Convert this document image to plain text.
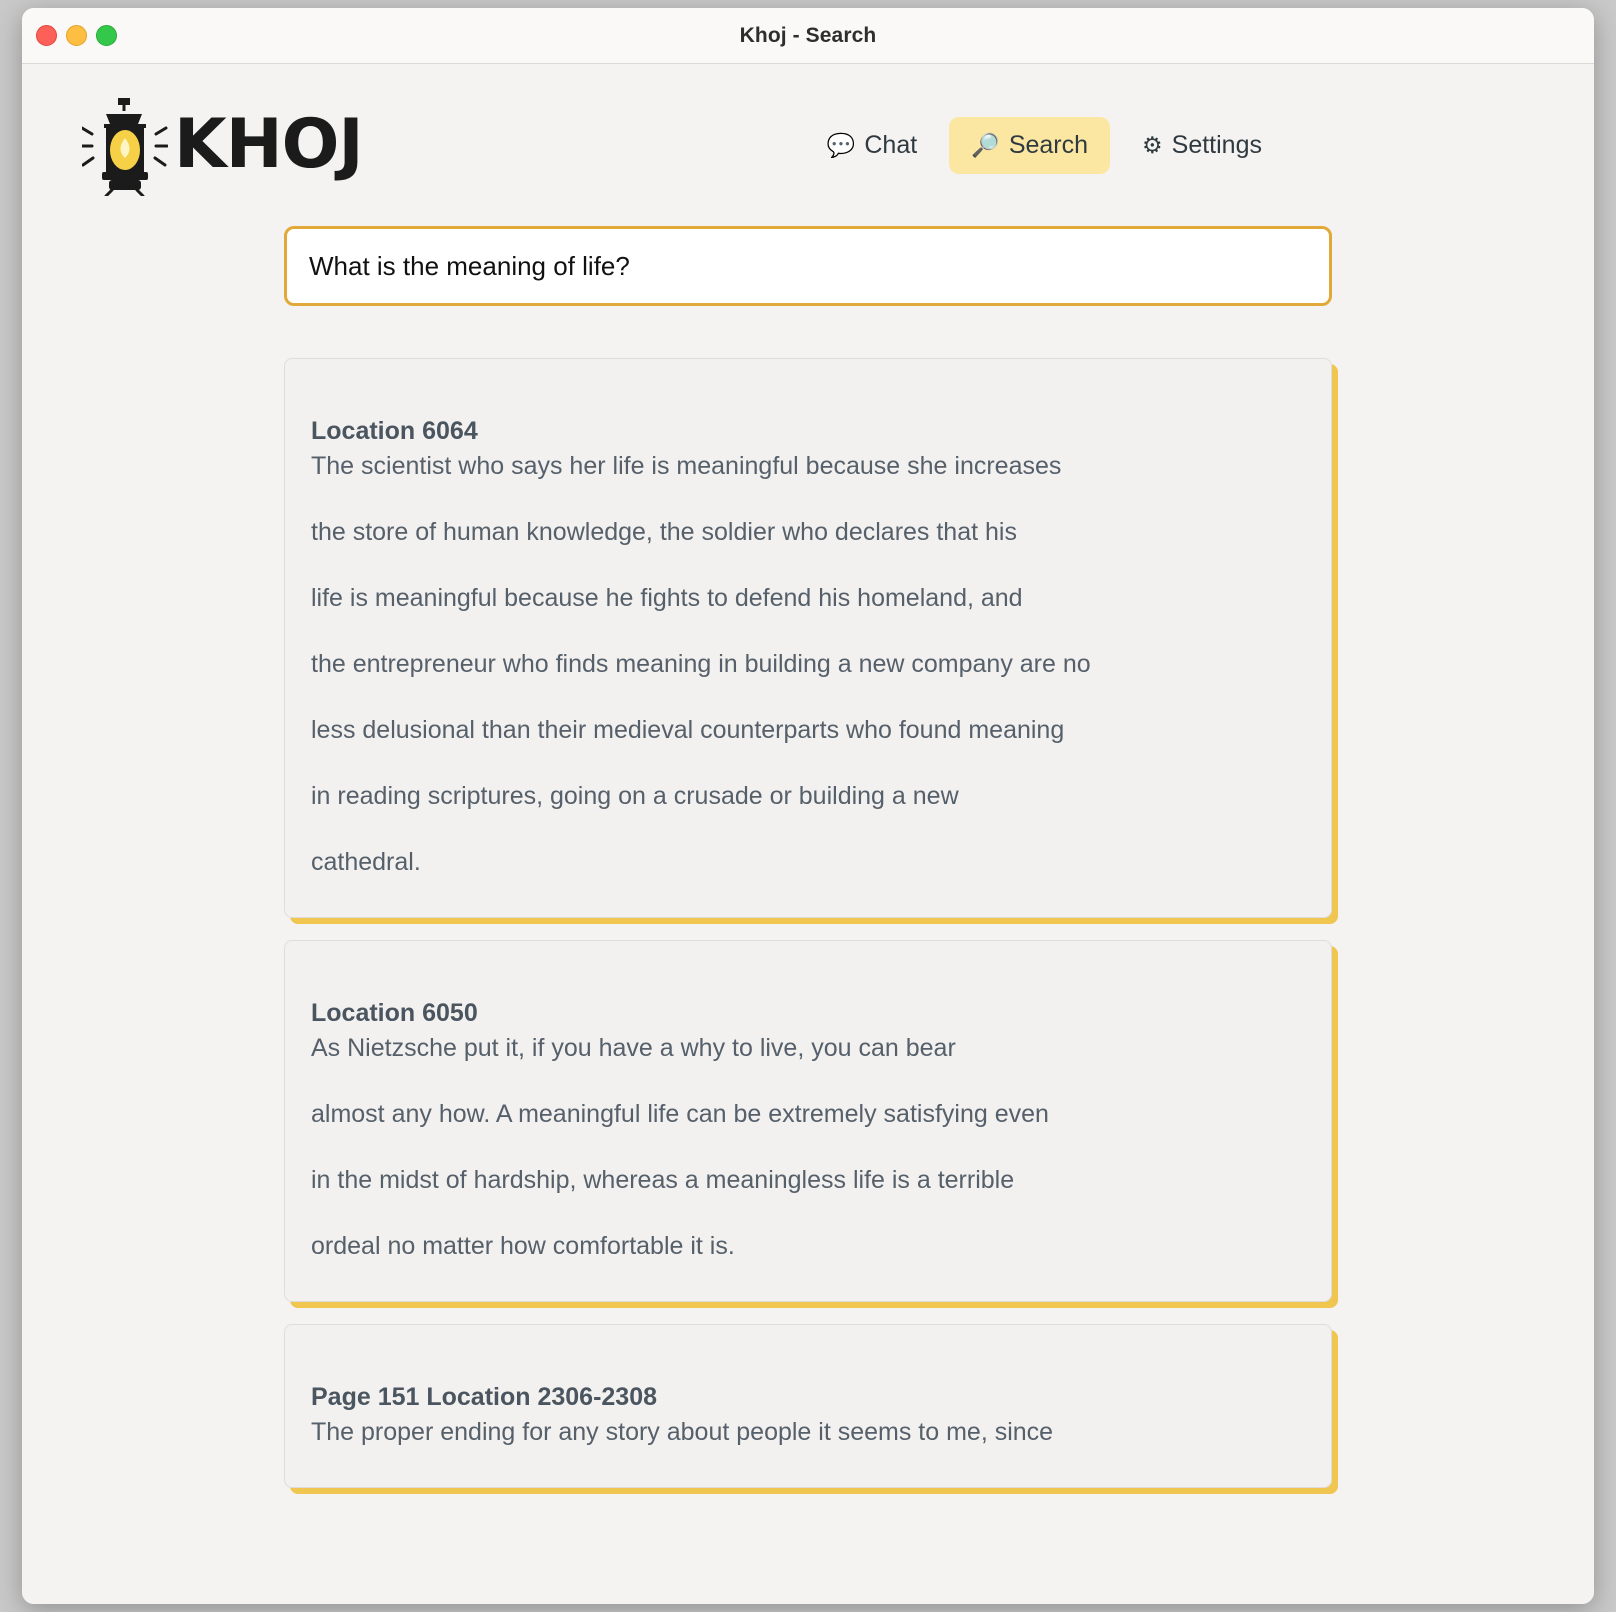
Khoj - Search
KHOJ	💬 Chat 🔎 Search ⚙ Settings
What is the meaning of life?
Location 6064

The scientist who says her life is meaningful because she increases

the store of human knowledge, the soldier who declares that his

life is meaningful because he fights to defend his homeland, and

the entrepreneur who finds meaning in building a new company are no

less delusional than their medieval counterparts who found meaning

in reading scriptures, going on a crusade or building a new

cathedral.

Location 6050

As Nietzsche put it, if you have a why to live, you can bear

almost any how. A meaningful life can be extremely satisfying even

in the midst of hardship, whereas a meaningless life is a terrible

ordeal no matter how comfortable it is.

Page 151 Location 2306-2308

The proper ending for any story about people it seems to me, since
